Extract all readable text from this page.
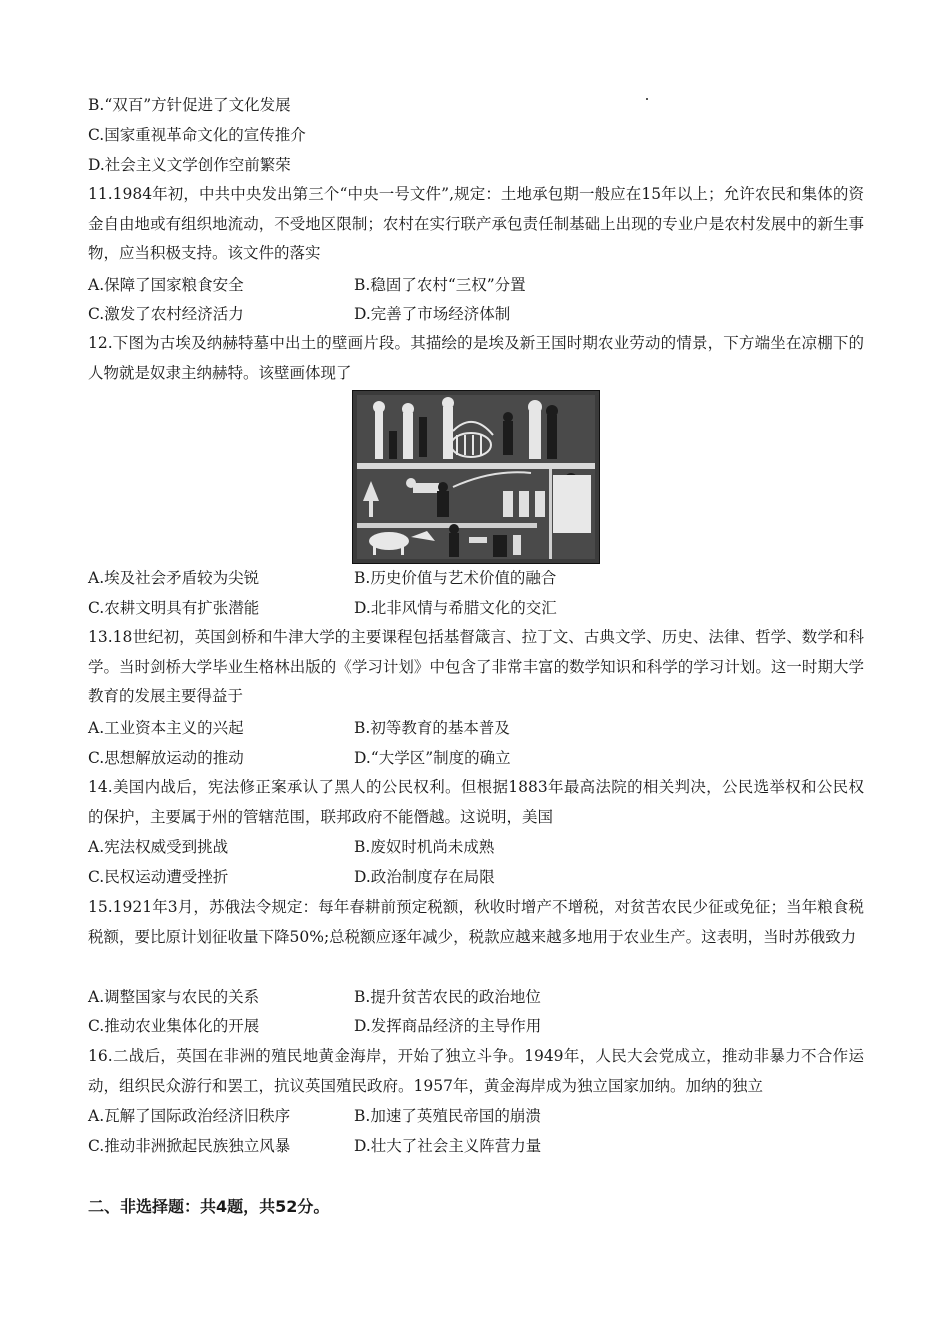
B.“双百”方针促进了文化发展
C.国家重视革命文化的宣传推介
D.社会主义文学创作空前繁荣
11.1984年初，中共中央发出第三个“中央一号文件”,规定：土地承包期一般应在15年以上；允许农民和集体的资金自由地或有组织地流动，不受地区限制；农村在实行联产承包责任制基础上出现的专业户是农村发展中的新生事物，应当积极支持。该文件的落实
A.保障了国家粮食安全	B.稳固了农村“三权”分置
C.激发了农村经济活力	D.完善了市场经济体制
12.下图为古埃及纳赫特墓中出土的壁画片段。其描绘的是埃及新王国时期农业劳动的情景，下方端坐在凉棚下的人物就是奴隶主纳赫特。该壁画体现了
A.埃及社会矛盾较为尖锐	B.历史价值与艺术价值的融合
C.农耕文明具有扩张潜能	D.北非风情与希腊文化的交汇
13.18世纪初，英国剑桥和牛津大学的主要课程包括基督箴言、拉丁文、古典文学、历史、法律、哲学、数学和科学。当时剑桥大学毕业生格林出版的《学习计划》中包含了非常丰富的数学知识和科学的学习计划。这一时期大学教育的发展主要得益于
A.工业资本主义的兴起	B.初等教育的基本普及
C.思想解放运动的推动	D.“大学区”制度的确立
14.美国内战后，宪法修正案承认了黑人的公民权利。但根据1883年最高法院的相关判决，公民选举权和公民权的保护，主要属于州的管辖范围，联邦政府不能僭越。这说明，美国
A.宪法权威受到挑战	B.废奴时机尚未成熟
C.民权运动遭受挫折	D.政治制度存在局限
15.1921年3月，苏俄法令规定：每年春耕前预定税额，秋收时增产不增税，对贫苦农民少征或免征；当年粮食税税额，要比原计划征收量下降50%;总税额应逐年减少，税款应越来越多地用于农业生产。这表明，当时苏俄致力
A.调整国家与农民的关系	B.提升贫苦农民的政治地位
C.推动农业集体化的开展	D.发挥商品经济的主导作用
16.二战后，英国在非洲的殖民地黄金海岸，开始了独立斗争。1949年，人民大会党成立，推动非暴力不合作运动，组织民众游行和罢工，抗议英国殖民政府。1957年，黄金海岸成为独立国家加纳。加纳的独立
A.瓦解了国际政治经济旧秩序	B.加速了英殖民帝国的崩溃
C.推动非洲掀起民族独立风暴	D.壮大了社会主义阵营力量
二、非选择题：共4题，共52分。
